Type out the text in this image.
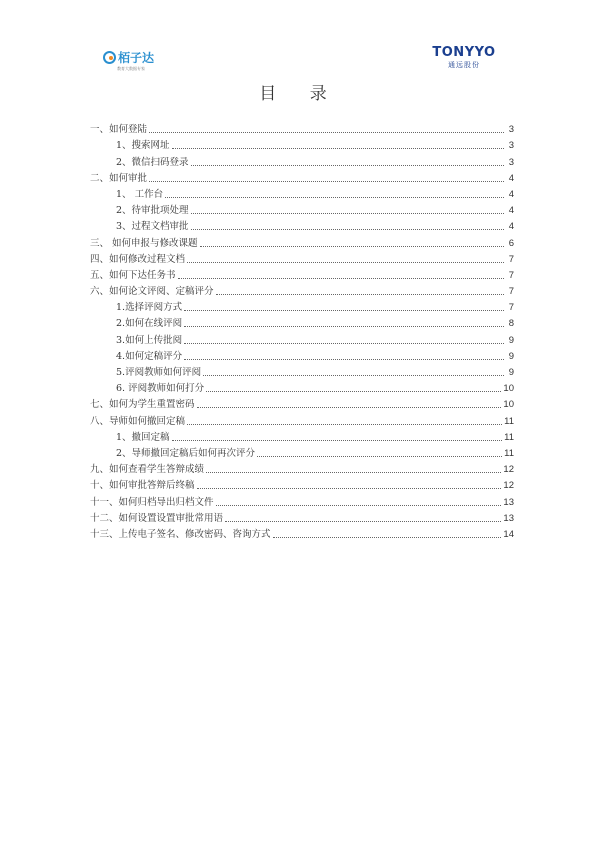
栢子达
教育大数据专家
TONYYO
通远股份
目 录
一、如何登陆	3
1、搜索网址	3
2、微信扫码登录	3
二、如何审批	4
1、 工作台	4
2、待审批项处理	4
3、过程文档审批	4
三、 如何申报与修改课题	6
四、如何修改过程文档	7
五、如何下达任务书	7
六、如何论文评阅、定稿评分	7
1.选择评阅方式	7
2.如何在线评阅	8
3.如何上传批阅	9
4.如何定稿评分	9
5.评阅教师如何评阅	9
6. 评阅教师如何打分	10
七、如何为学生重置密码	10
八、导师如何撤回定稿	11
1、撤回定稿	11
2、导师撤回定稿后如何再次评分	11
九、如何查看学生答辩成绩	12
十、如何审批答辩后终稿	12
十一、如何归档导出归档文件	13
十二、如何设置设置审批常用语	13
十三、上传电子签名、修改密码、咨询方式	14
